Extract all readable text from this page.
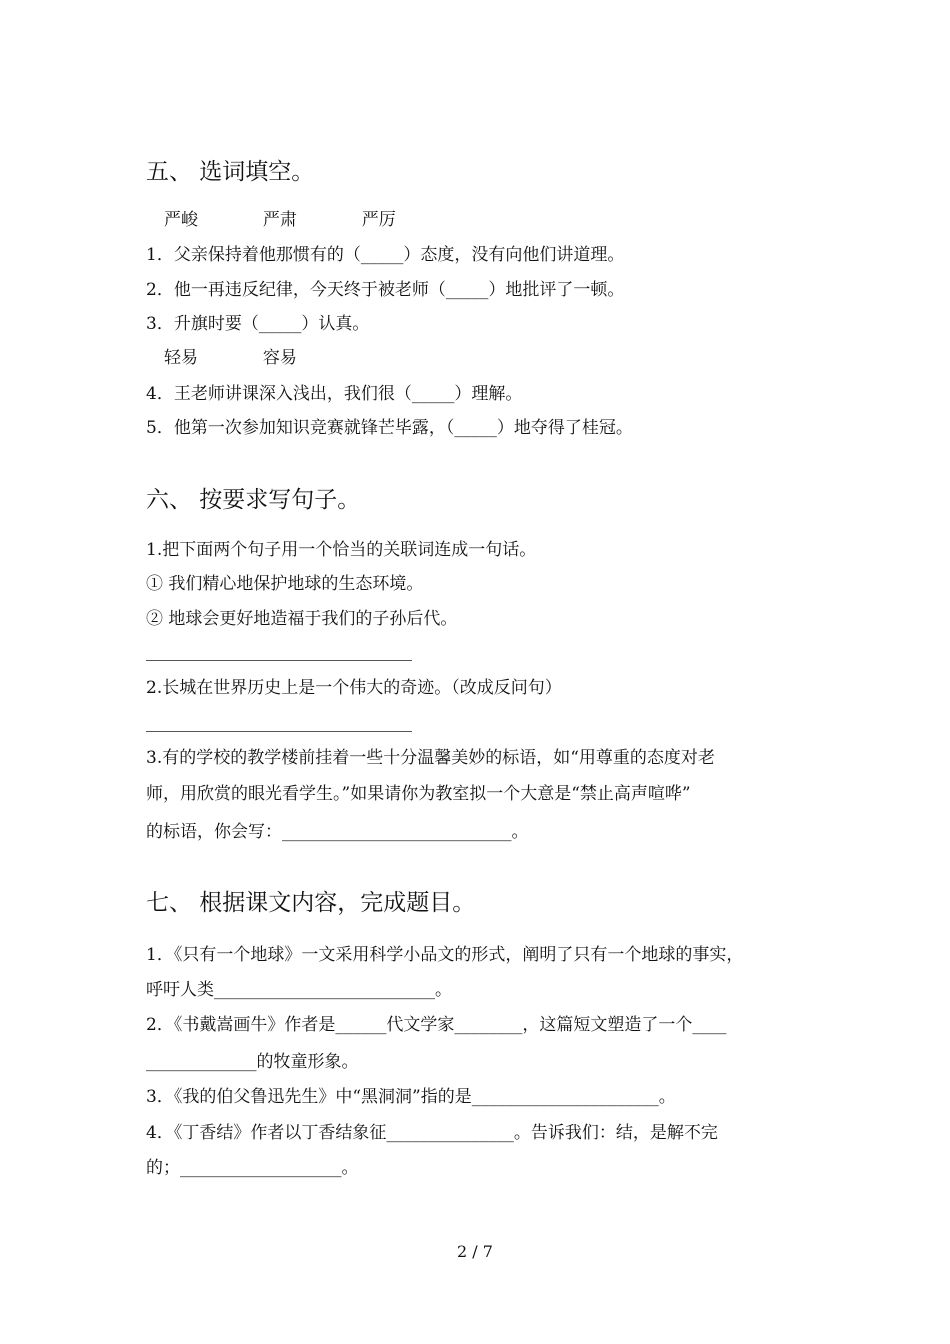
五、 选词填空。
严峻            严肃            严厉
1．父亲保持着他那惯有的（_____）态度，没有向他们讲道理。
2．他一再违反纪律，今天终于被老师（_____）地批评了一顿。
3．升旗时要（_____）认真。
轻易            容易
4．王老师讲课深入浅出，我们很（_____）理解。
5．他第一次参加知识竞赛就锋芒毕露，（_____）地夺得了桂冠。
六、 按要求写句子。
1.把下面两个句子用一个恰当的关联词连成一句话。
① 我们精心地保护地球的生态环境。
② 地球会更好地造福于我们的子孙后代。
2.长城在世界历史上是一个伟大的奇迹。（改成反问句）
3.有的学校的教学楼前挂着一些十分温馨美妙的标语，如“用尊重的态度对老
师，用欣赏的眼光看学生。”如果请你为教室拟一个大意是“禁止高声喧哗”
的标语，你会写：___________________________。
七、 根据课文内容，完成题目。
1．《只有一个地球》一文采用科学小品文的形式，阐明了只有一个地球的事实，
呼吁人类__________________________。
2．《书戴嵩画牛》作者是______代文学家________，这篇短文塑造了一个____
_____________的牧童形象。
3．《我的伯父鲁迅先生》中“黑洞洞”指的是______________________。
4．《丁香结》作者以丁香结象征_______________。告诉我们：结，是解不完
的；___________________。
2 / 7
